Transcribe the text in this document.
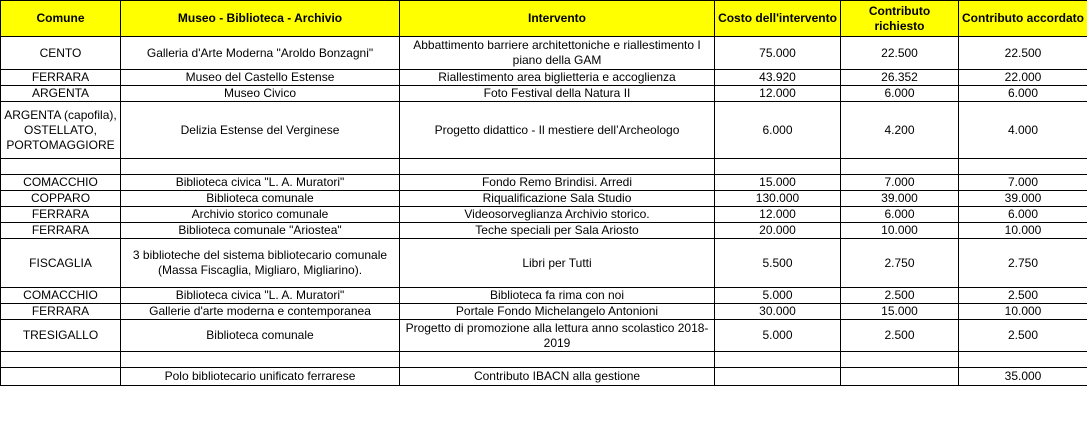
Comune	Museo - Biblioteca - Archivio	Intervento	Costo dell'intervento	Contributo richiesto	Contributo accordato
CENTO	Galleria d'Arte Moderna "Aroldo Bonzagni"	Abbattimento barriere architettoniche e riallestimento I piano della GAM	75.000	22.500	22.500
FERRARA	Museo del Castello Estense	Riallestimento area biglietteria e accoglienza	43.920	26.352	22.000
ARGENTA	Museo Civico	Foto Festival della Natura II	12.000	6.000	6.000
ARGENTA (capofila), OSTELLATO, PORTOMAGGIORE	Delizia Estense del Verginese	Progetto didattico - Il mestiere dell’Archeologo	6.000	4.200	4.000

COMACCHIO	Biblioteca civica "L. A. Muratori"	Fondo Remo Brindisi. Arredi	15.000	7.000	7.000
COPPARO	Biblioteca comunale	Riqualificazione Sala Studio	130.000	39.000	39.000
FERRARA	Archivio storico comunale	Videosorveglianza Archivio storico.	12.000	6.000	6.000
FERRARA	Biblioteca comunale "Ariostea"	Teche speciali per Sala Ariosto	20.000	10.000	10.000
FISCAGLIA	3 biblioteche del sistema bibliotecario comunale (Massa Fiscaglia, Migliaro, Migliarino).	Libri per Tutti	5.500	2.750	2.750
COMACCHIO	Biblioteca civica "L. A. Muratori"	Biblioteca fa rima con noi	5.000	2.500	2.500
FERRARA	Gallerie d'arte moderna e contemporanea	Portale Fondo Michelangelo Antonioni	30.000	15.000	10.000
TRESIGALLO	Biblioteca comunale	Progetto di promozione alla lettura anno scolastico 2018-2019	5.000	2.500	2.500

	Polo bibliotecario unificato ferrarese	Contributo IBACN alla gestione			35.000
